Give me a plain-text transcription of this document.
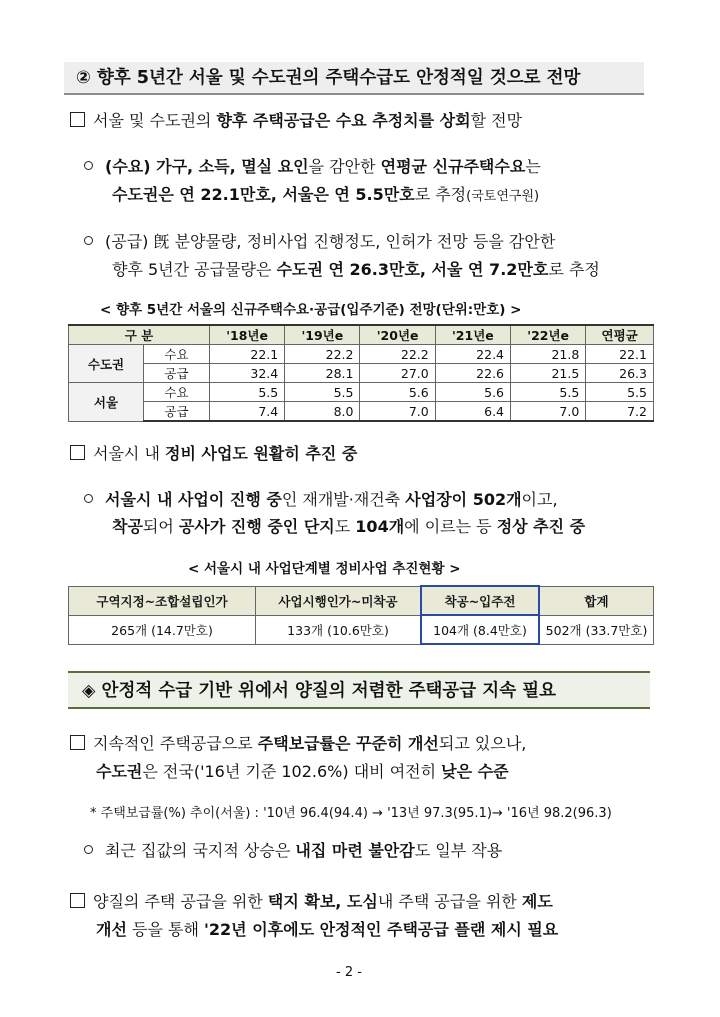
② 향후 5년간 서울 및 수도권의 주택수급도 안정적일 것으로 전망
서울 및 수도권의 향후 주택공급은 수요 추정치를 상회할 전망
(수요) 가구, 소득, 멸실 요인을 감안한 연평균 신규주택수요는
수도권은 연 22.1만호, 서울은 연 5.5만호로 추정(국토연구원)
(공급) 旣 분양물량, 정비사업 진행정도, 인허가 전망 등을 감안한
향후 5년간 공급물량은 수도권 연 26.3만호, 서울 연 7.2만호로 추정
< 향후 5년간 서울의 신규주택수요·공급(입주기준) 전망(단위:만호) >
구 분		'18년e	'19년e	'20년e	'21년e	'22년e	연평균
수도권	수요	22.1	22.2	22.2	22.4	21.8	22.1
	공급	32.4	28.1	27.0	22.6	21.5	26.3
서울	수요	5.5	5.5	5.6	5.6	5.5	5.5
	공급	7.4	8.0	7.0	6.4	7.0	7.2
서울시 내 정비 사업도 원활히 추진 중
서울시 내 사업이 진행 중인 재개발·재건축 사업장이 502개이고,
착공되어 공사가 진행 중인 단지도 104개에 이르는 등 정상 추진 중
< 서울시 내 사업단계별 정비사업 추진현황 >
구역지정~조합설립인가	사업시행인가~미착공	착공~입주전	합계
265개 (14.7만호)	133개 (10.6만호)	104개 (8.4만호)	502개 (33.7만호)
◈ 안정적 수급 기반 위에서 양질의 저렴한 주택공급 지속 필요
지속적인 주택공급으로 주택보급률은 꾸준히 개선되고 있으나,
수도권은 전국('16년 기준 102.6%) 대비 여전히 낮은 수준
* 주택보급률(%) 추이(서울) : '10년 96.4(94.4) → '13년 97.3(95.1)→ '16년 98.2(96.3)
최근 집값의 국지적 상승은 내집 마련 불안감도 일부 작용
양질의 주택 공급을 위한 택지 확보, 도심내 주택 공급을 위한 제도
개선 등을 통해 '22년 이후에도 안정적인 주택공급 플랜 제시 필요
- 2 -
